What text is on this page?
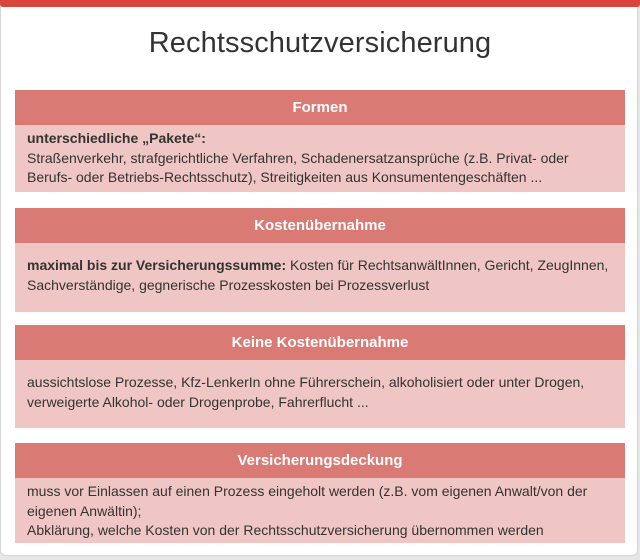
Rechtsschutzversicherung
Formen
unterschiedliche „Pakete“:
Straßenverkehr, strafgerichtliche Verfahren, Schadenersatzansprüche (z.B. Privat- oder Berufs- oder Betriebs-Rechtsschutz), Streitigkeiten aus Konsumentengeschäften ...
Kostenübernahme
maximal bis zur Versicherungssumme: Kosten für RechtsanwältInnen, Gericht, ZeugInnen, Sachverständige, gegnerische Prozesskosten bei Prozessverlust
Keine Kostenübernahme
aussichtslose Prozesse, Kfz-LenkerIn ohne Führerschein, alkoholisiert oder unter Drogen, verweigerte Alkohol- oder Drogenprobe, Fahrerflucht ...
Versicherungsdeckung
muss vor Einlassen auf einen Prozess eingeholt werden (z.B. vom eigenen Anwalt/von der eigenen Anwältin);
Abklärung, welche Kosten von der Rechtsschutzversicherung übernommen werden
